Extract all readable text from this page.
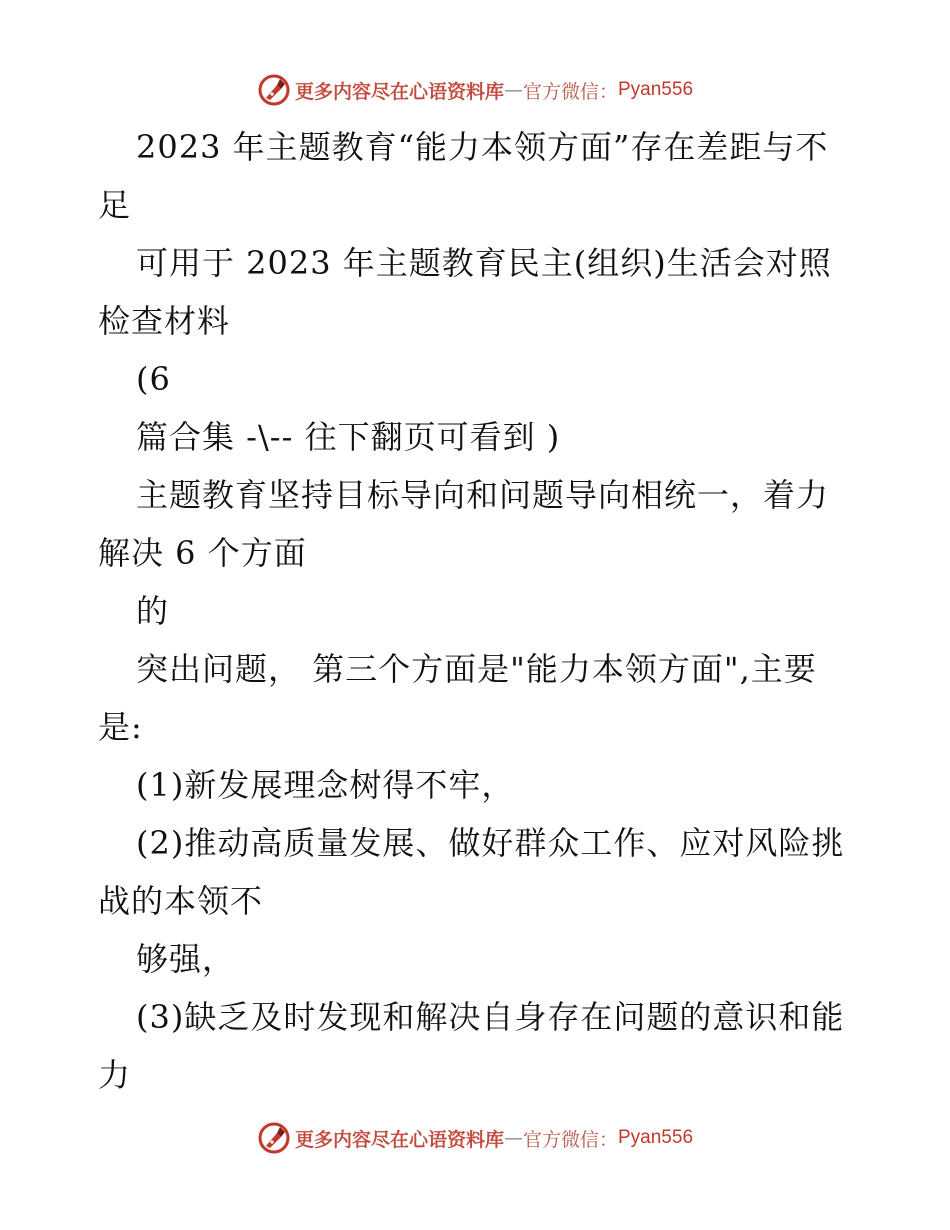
更多内容尽在心语资料库 — 官方微信： Pyan556

2023 年主题教育“能力本领方面”存在差距与不足

可用于 2023 年主题教育民主(组织)生活会对照检查材料

(6

篇合集 -\-- 往下翻页可看到 )

主题教育坚持目标导向和问题导向相统一，着力解决 6 个方面

的

突出问题， 第三个方面是"能力本领方面",主要是:

(1)新发展理念树得不牢，

(2)推动高质量发展、做好群众工作、应对风险挑战的本领不

够强，

(3)缺乏及时发现和解决自身存在问题的意识和能力

更多内容尽在心语资料库 — 官方微信： Pyan556
